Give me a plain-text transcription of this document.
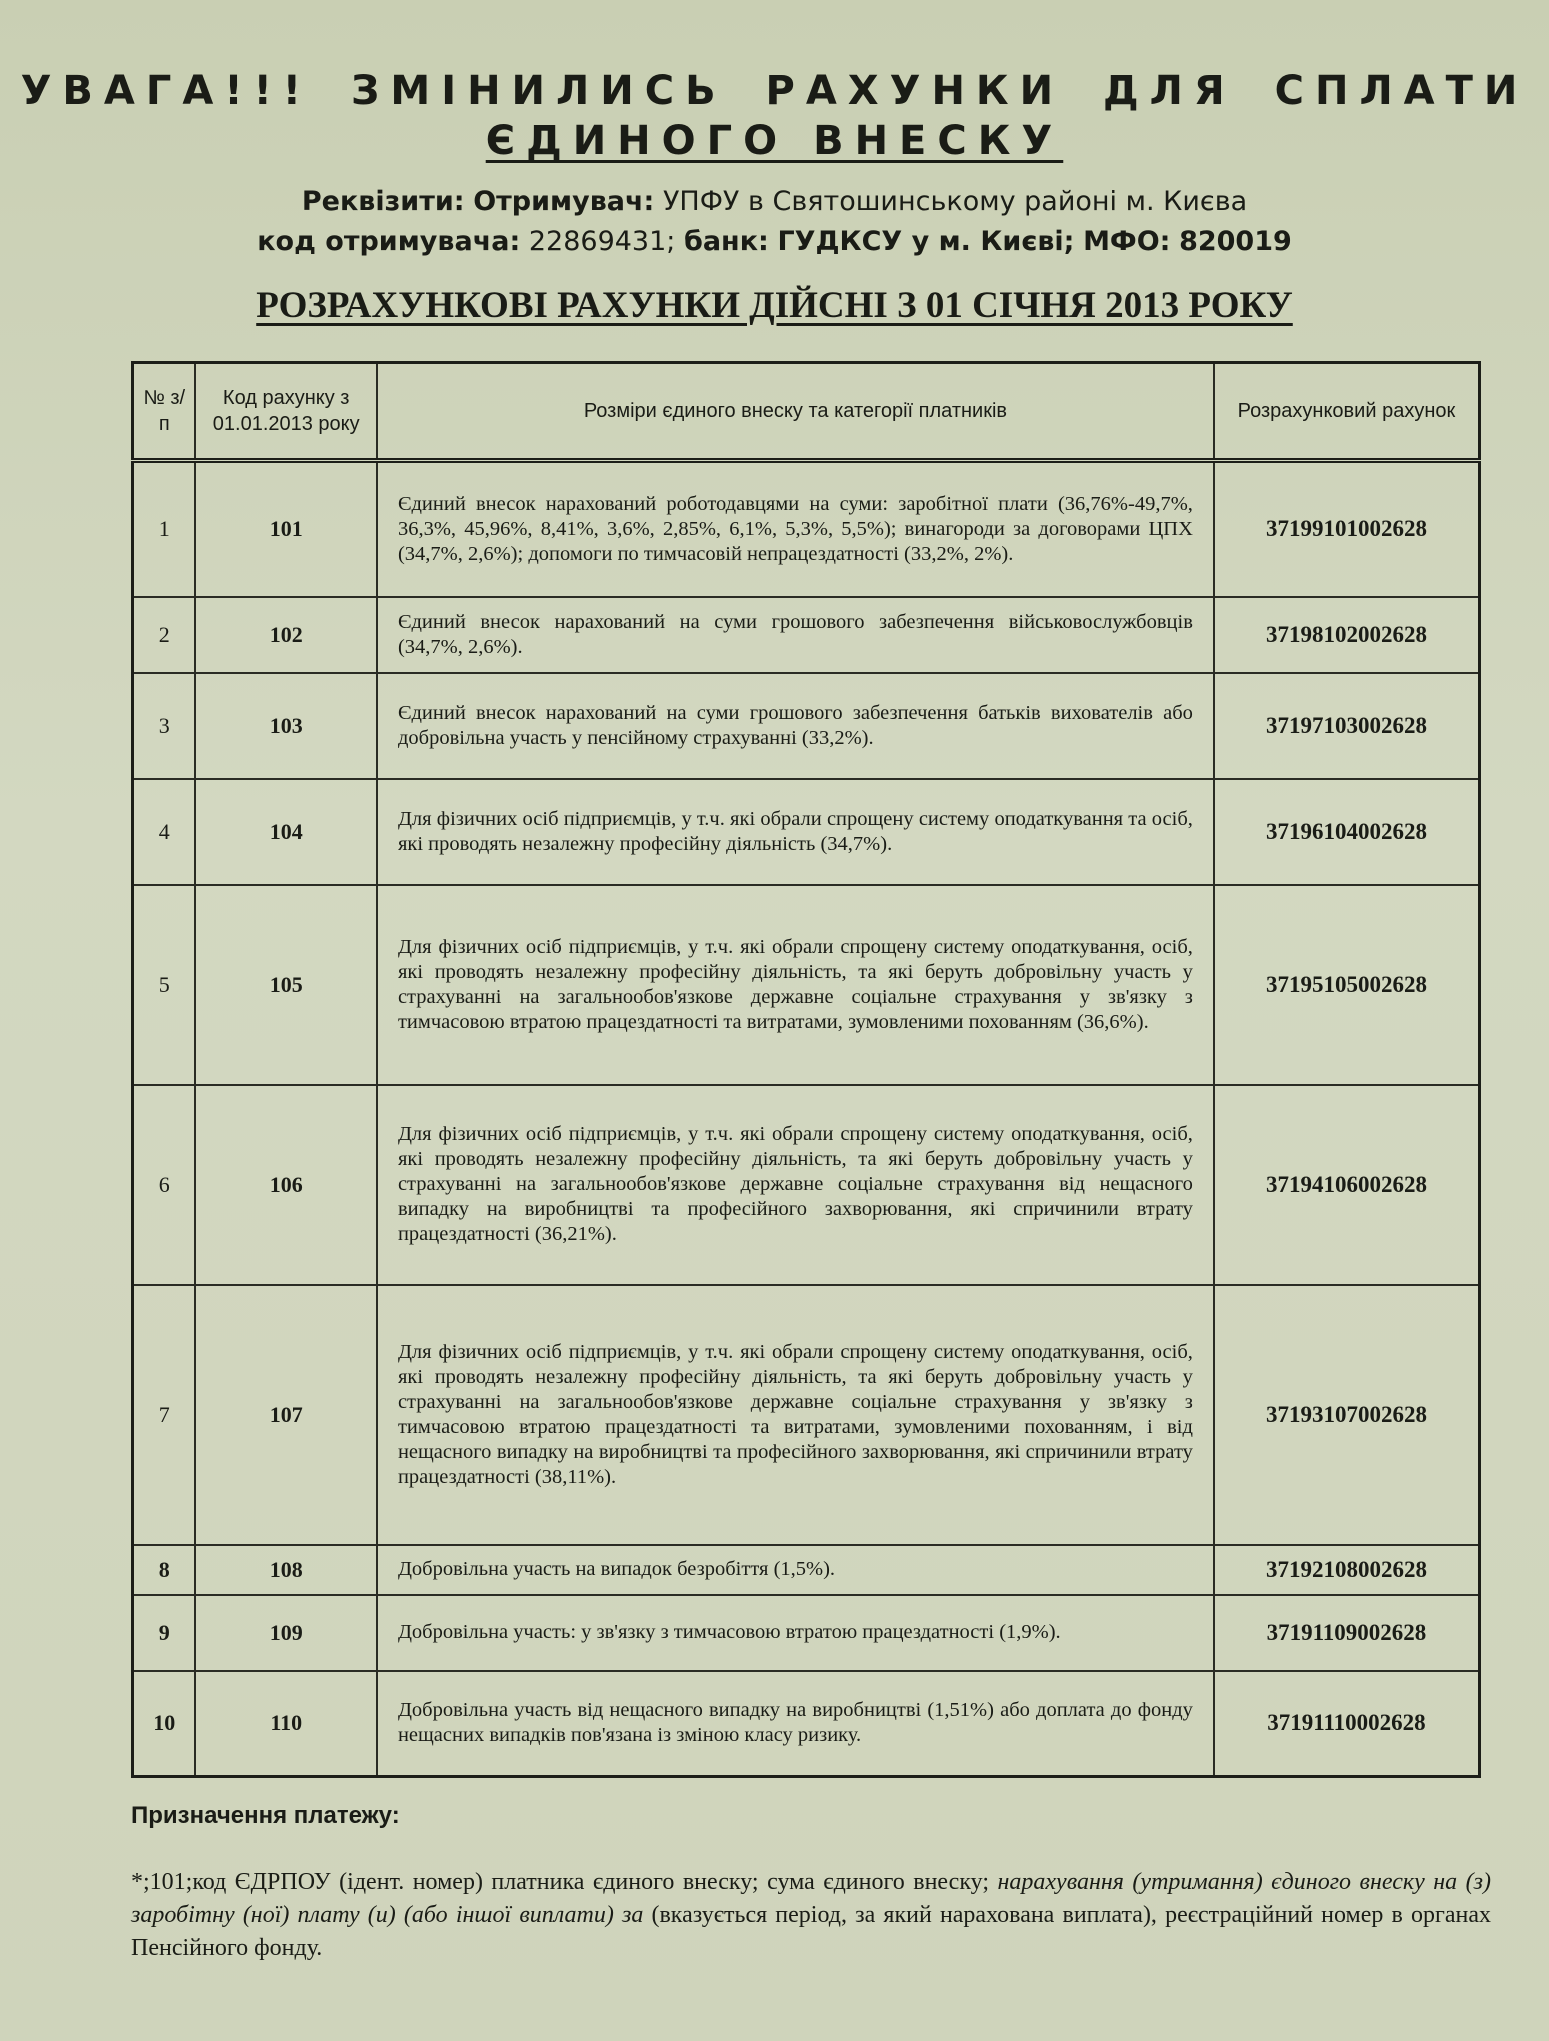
УВАГА!!! ЗМІНИЛИСЬ РАХУНКИ ДЛЯ СПЛАТИ
ЄДИНОГО ВНЕСКУ
Реквізити: Отримувач: УПФУ в Святошинському районі м. Києва
код отримувача: 22869431; банк: ГУДКСУ у м. Києві; МФО: 820019
РОЗРАХУНКОВІ РАХУНКИ ДІЙСНІ З 01 СІЧНЯ 2013 РОКУ
№ з/п	Код рахунку з 01.01.2013 року	Розміри єдиного внеску та категорії платників	Розрахунковий рахунок
1	101	Єдиний внесок нарахований роботодавцями на суми: заробітної плати (36,76%-49,7%, 36,3%, 45,96%, 8,41%, 3,6%, 2,85%, 6,1%, 5,3%, 5,5%); винагороди за договорами ЦПХ (34,7%, 2,6%); допомоги по тимчасовій непрацездатності (33,2%, 2%).	37199101002628
2	102	Єдиний внесок нарахований на суми грошового забезпечення військовослужбовців (34,7%, 2,6%).	37198102002628
3	103	Єдиний внесок нарахований на суми грошового забезпечення батьків вихователів або добровільна участь у пенсійному страхуванні (33,2%).	37197103002628
4	104	Для фізичних осіб підприємців, у т.ч. які обрали спрощену систему оподаткування та осіб, які проводять незалежну професійну діяльність (34,7%).	37196104002628
5	105	Для фізичних осіб підприємців, у т.ч. які обрали спрощену систему оподаткування, осіб, які проводять незалежну професійну діяльність, та які беруть добровільну участь у страхуванні на загальнообов'язкове державне соціальне страхування у зв'язку з тимчасовою втратою працездатності та витратами, зумовленими похованням (36,6%).	37195105002628
6	106	Для фізичних осіб підприємців, у т.ч. які обрали спрощену систему оподаткування, осіб, які проводять незалежну професійну діяльність, та які беруть добровільну участь у страхуванні на загальнообов'язкове державне соціальне страхування від нещасного випадку на виробництві та професійного захворювання, які спричинили втрату працездатності (36,21%).	37194106002628
7	107	Для фізичних осіб підприємців, у т.ч. які обрали спрощену систему оподаткування, осіб, які проводять незалежну професійну діяльність, та які беруть добровільну участь у страхуванні на загальнообов'язкове державне соціальне страхування у зв'язку з тимчасовою втратою працездатності та витратами, зумовленими похованням, і від нещасного випадку на виробництві та професійного захворювання, які спричинили втрату працездатності (38,11%).	37193107002628
8	108	Добровільна участь на випадок безробіття (1,5%).	37192108002628
9	109	Добровільна участь: у зв'язку з тимчасовою втратою працездатності (1,9%).	37191109002628
10	110	Добровільна участь від нещасного випадку на виробництві (1,51%) або доплата до фонду нещасних випадків пов'язана із зміною класу ризику.	37191110002628
Призначення платежу:
*;101;код ЄДРПОУ (ідент. номер) платника єдиного внеску; сума єдиного внеску; нарахування (утримання) єдиного внеску на (з) заробітну (ної) плату (и) (або іншої виплати) за (вказується період, за який нарахована виплата), реєстраційний номер в органах Пенсійного фонду.
